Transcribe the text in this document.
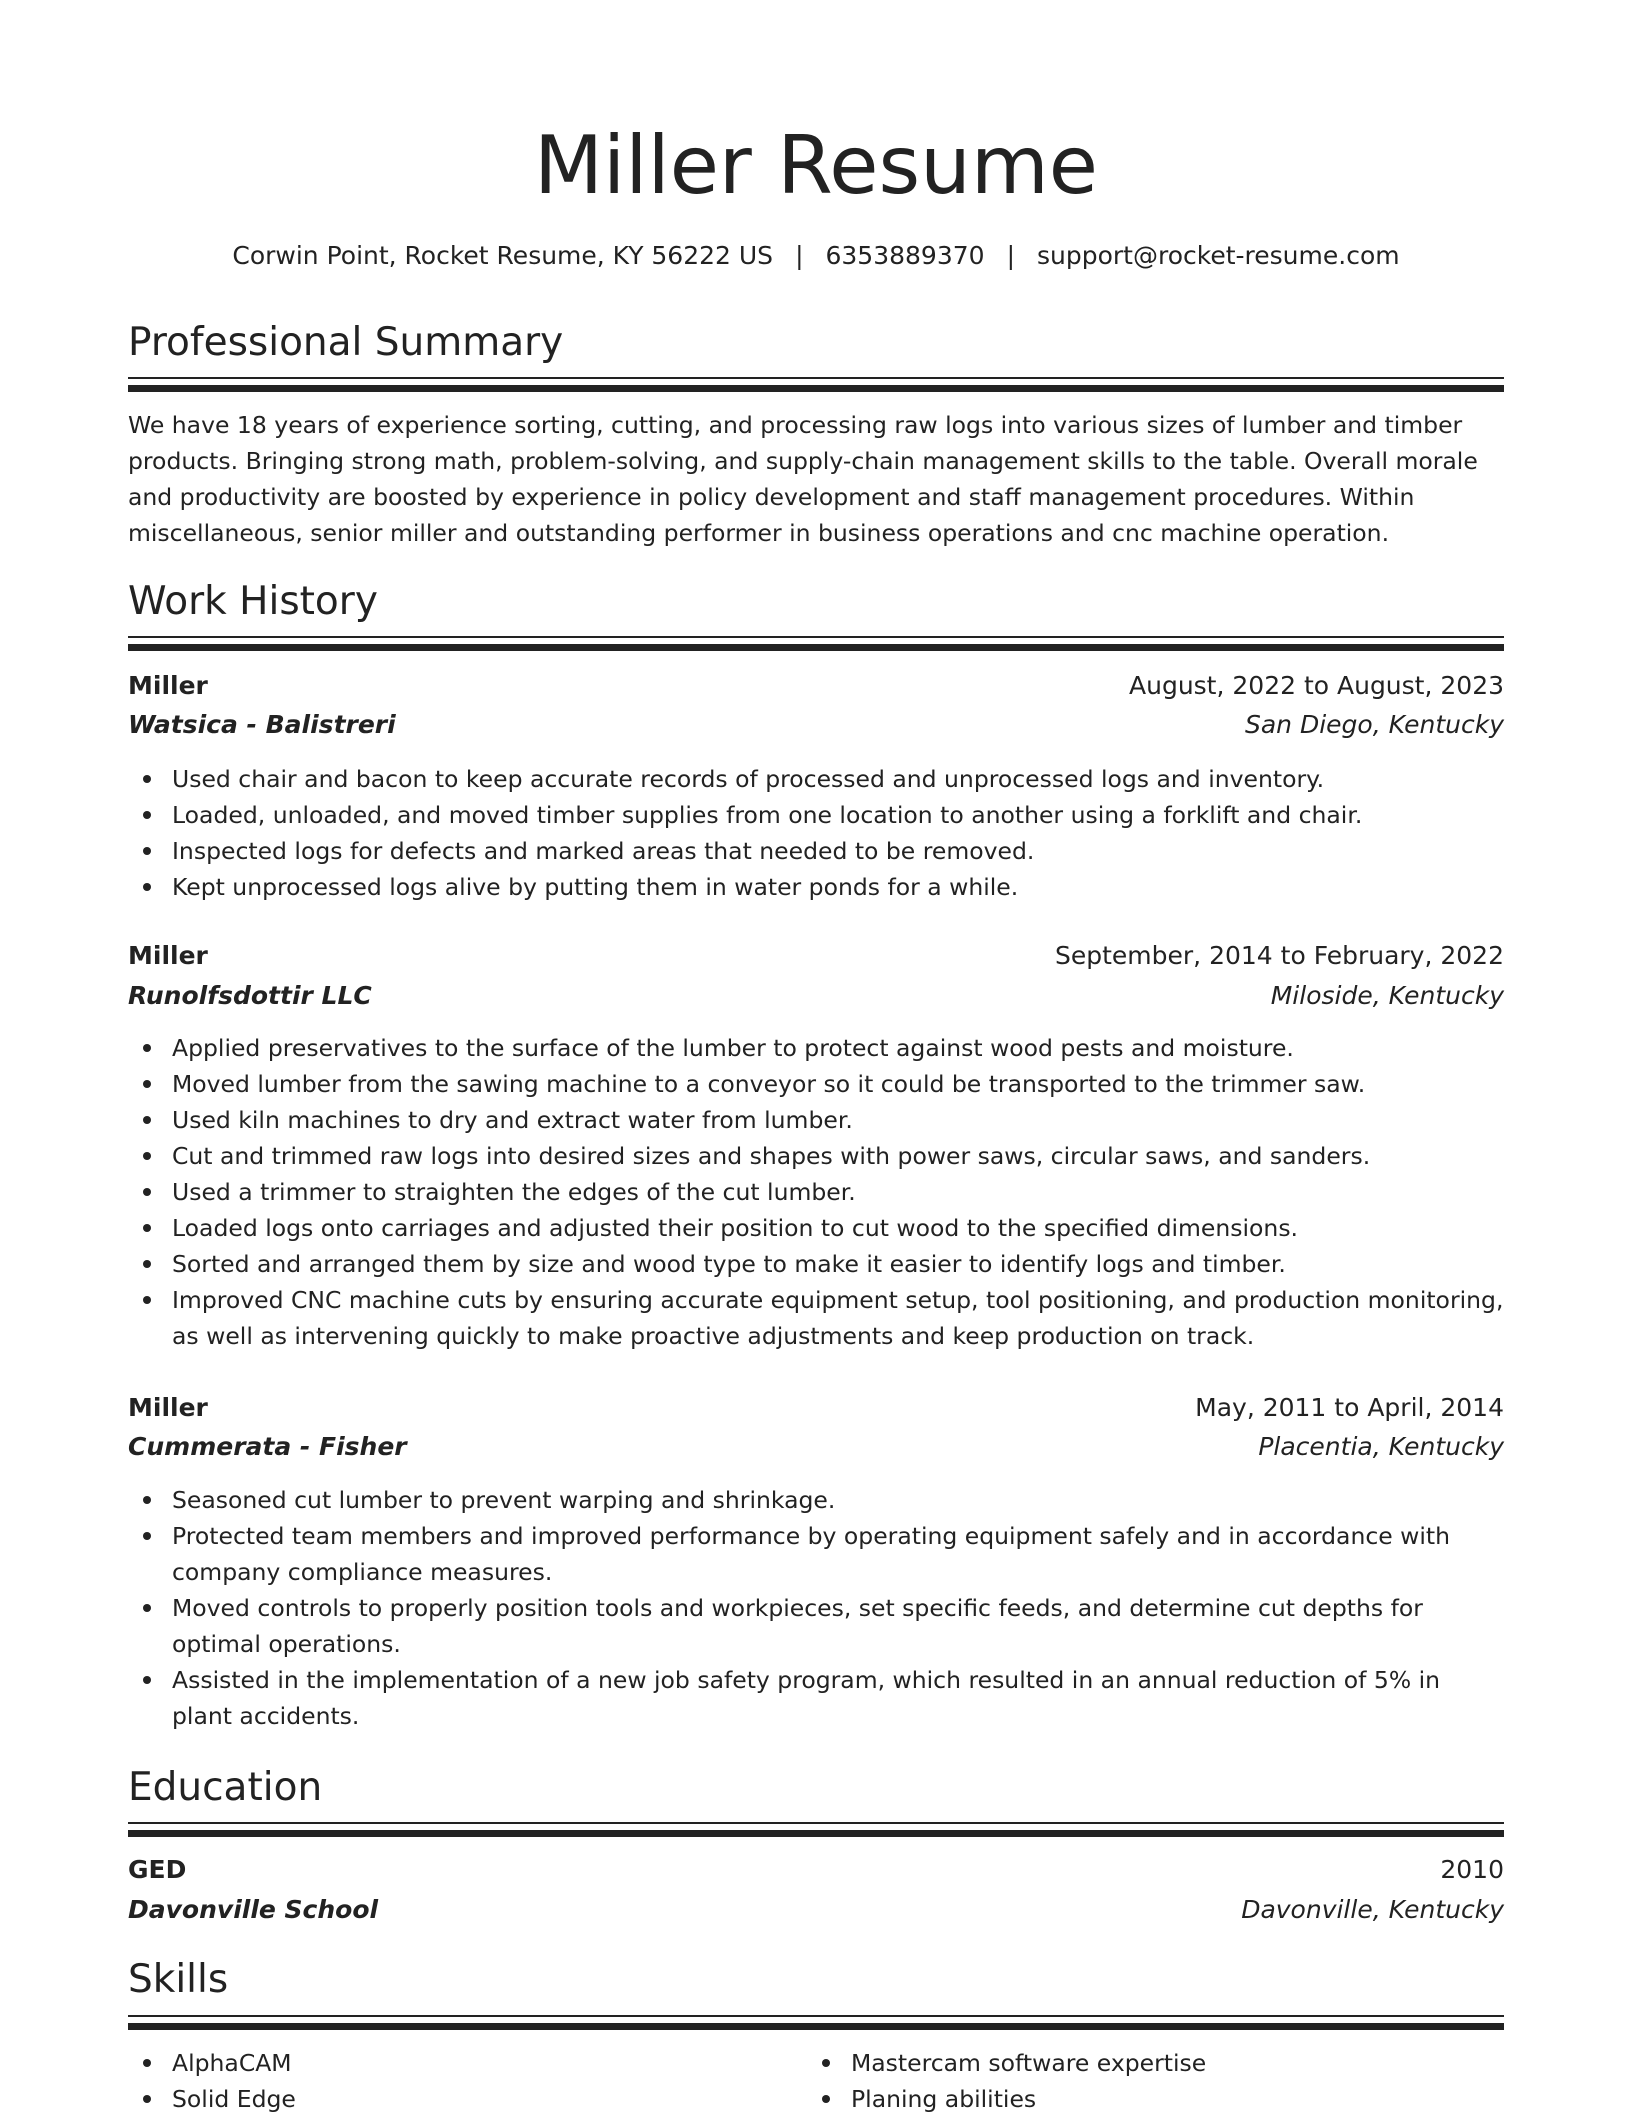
Miller Resume
Corwin Point, Rocket Resume, KY 56222 US | 6353889370 | support@rocket-resume.com
Professional Summary

We have 18 years of experience sorting, cutting, and processing raw logs into various sizes of lumber and timber products. Bringing strong math, problem-solving, and supply-chain management skills to the table. Overall morale and productivity are boosted by experience in policy development and staff management procedures. Within miscellaneous, senior miller and outstanding performer in business operations and cnc machine operation.

Work History
Miller	August, 2022 to August, 2023
Watsica - Balistreri	San Diego, Kentucky
Used chair and bacon to keep accurate records of processed and unprocessed logs and inventory.
Loaded, unloaded, and moved timber supplies from one location to another using a forklift and chair.
Inspected logs for defects and marked areas that needed to be removed.
Kept unprocessed logs alive by putting them in water ponds for a while.
Miller	September, 2014 to February, 2022
Runolfsdottir LLC	Miloside, Kentucky
Applied preservatives to the surface of the lumber to protect against wood pests and moisture.
Moved lumber from the sawing machine to a conveyor so it could be transported to the trimmer saw.
Used kiln machines to dry and extract water from lumber.
Cut and trimmed raw logs into desired sizes and shapes with power saws, circular saws, and sanders.
Used a trimmer to straighten the edges of the cut lumber.
Loaded logs onto carriages and adjusted their position to cut wood to the specified dimensions.
Sorted and arranged them by size and wood type to make it easier to identify logs and timber.
Improved CNC machine cuts by ensuring accurate equipment setup, tool positioning, and production monitoring, as well as intervening quickly to make proactive adjustments and keep production on track.
Miller	May, 2011 to April, 2014
Cummerata - Fisher	Placentia, Kentucky
Seasoned cut lumber to prevent warping and shrinkage.
Protected team members and improved performance by operating equipment safely and in accordance with company compliance measures.
Moved controls to properly position tools and workpieces, set specific feeds, and determine cut depths for optimal operations.
Assisted in the implementation of a new job safety program, which resulted in an annual reduction of 5% in plant accidents.
Education
GED	2010
Davonville School	Davonville, Kentucky
Skills
AlphaCAM
Solid Edge
Mastercam software expertise
Planing abilities
